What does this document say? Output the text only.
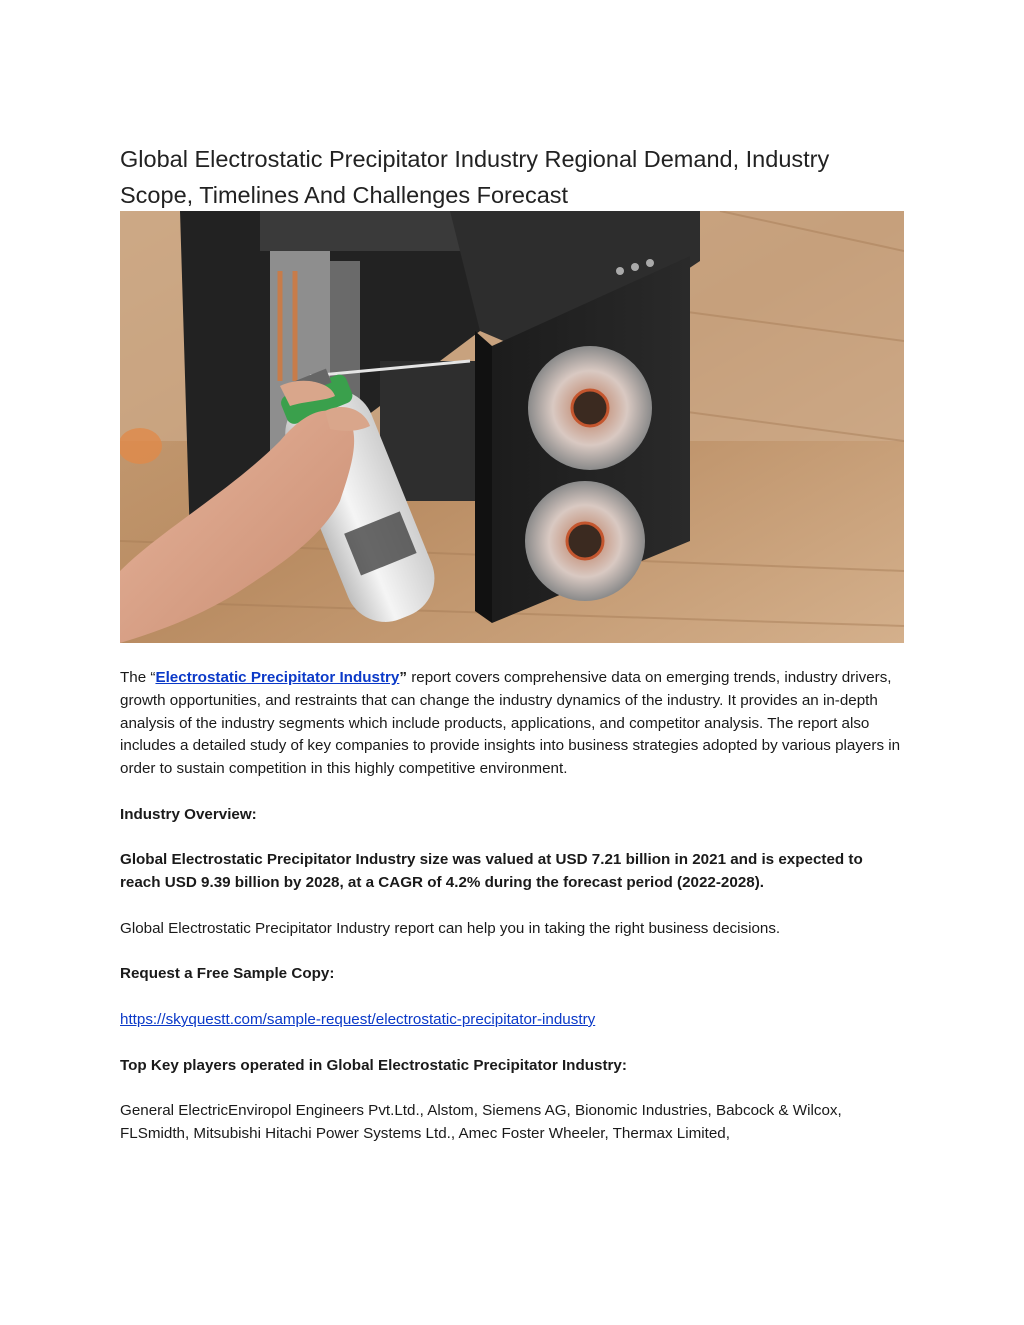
Global Electrostatic Precipitator Industry Regional Demand, Industry Scope, Timelines And Challenges Forecast

The “Electrostatic Precipitator Industry” report covers comprehensive data on emerging trends, industry drivers, growth opportunities, and restraints that can change the industry dynamics of the industry. It provides an in-depth analysis of the industry segments which include products, applications, and competitor analysis. The report also includes a detailed study of key companies to provide insights into business strategies adopted by various players in order to sustain competition in this highly competitive environment.

Industry Overview:

Global Electrostatic Precipitator Industry size was valued at USD 7.21 billion in 2021 and is expected to reach USD 9.39 billion by 2028, at a CAGR of 4.2% during the forecast period (2022-2028).

Global Electrostatic Precipitator Industry report can help you in taking the right business decisions.

Request a Free Sample Copy:

https://skyquestt.com/sample-request/electrostatic-precipitator-industry

Top Key players operated in Global Electrostatic Precipitator Industry:

General ElectricEnviropol Engineers Pvt.Ltd., Alstom, Siemens AG, Bionomic Industries, Babcock & Wilcox, FLSmidth, Mitsubishi Hitachi Power Systems Ltd., Amec Foster Wheeler, Thermax Limited,
